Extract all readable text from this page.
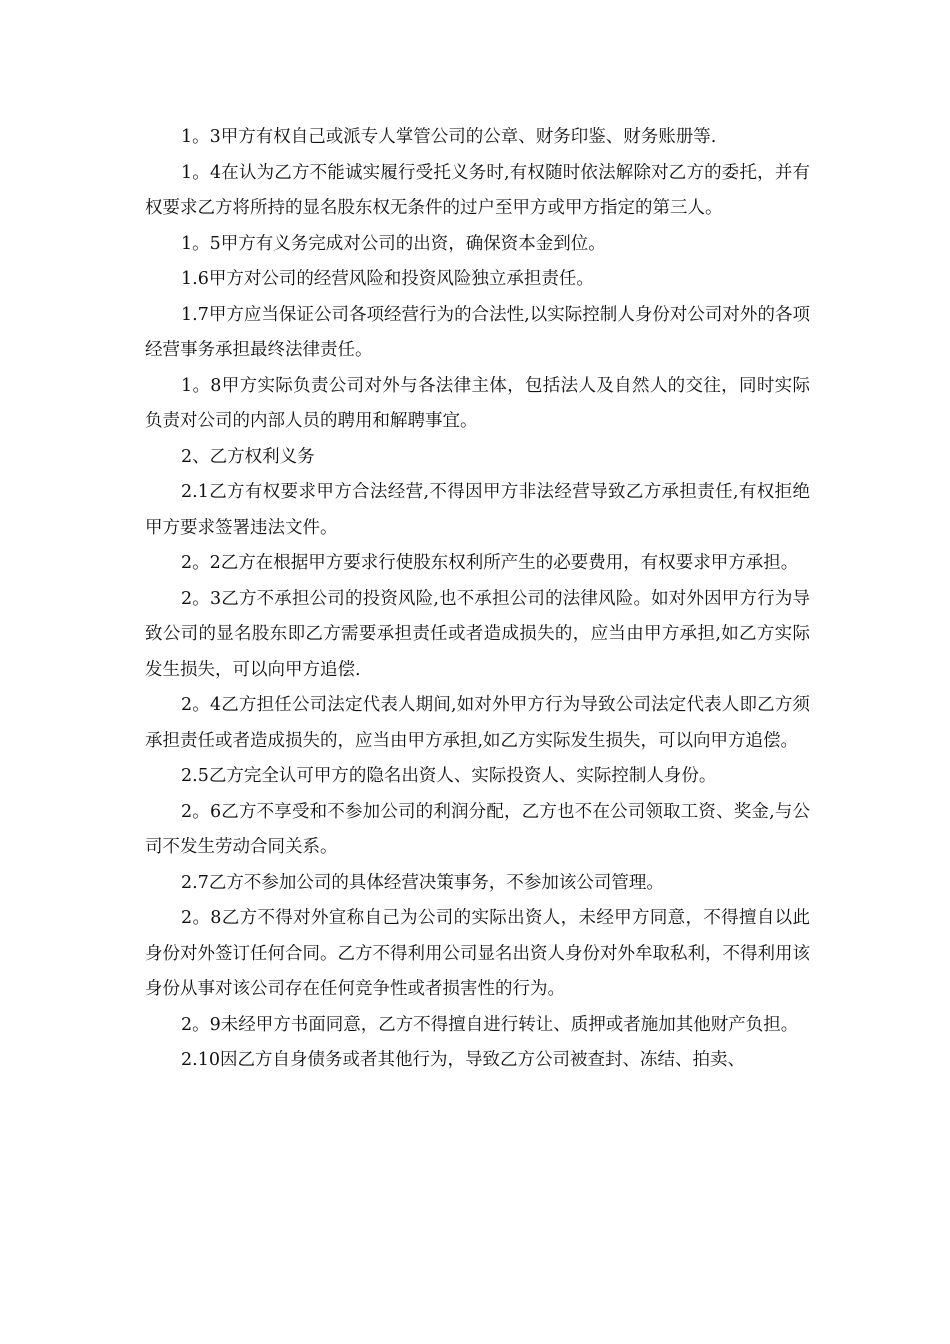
1。3甲方有权自己或派专人掌管公司的公章、财务印鉴、财务账册等.

1。4在认为乙方不能诚实履行受托义务时,有权随时依法解除对乙方的委托，并有权要求乙方将所持的显名股东权无条件的过户至甲方或甲方指定的第三人。

1。5甲方有义务完成对公司的出资，确保资本金到位。

1.6甲方对公司的经营风险和投资风险独立承担责任。

1.7甲方应当保证公司各项经营行为的合法性,以实际控制人身份对公司对外的各项经营事务承担最终法律责任。

1。8甲方实际负责公司对外与各法律主体，包括法人及自然人的交往，同时实际负责对公司的内部人员的聘用和解聘事宜。

2、乙方权利义务

2.1乙方有权要求甲方合法经营,不得因甲方非法经营导致乙方承担责任,有权拒绝甲方要求签署违法文件。

2。2乙方在根据甲方要求行使股东权利所产生的必要费用，有权要求甲方承担。

2。3乙方不承担公司的投资风险,也不承担公司的法律风险。如对外因甲方行为导致公司的显名股东即乙方需要承担责任或者造成损失的，应当由甲方承担,如乙方实际发生损失，可以向甲方追偿.

2。4乙方担任公司法定代表人期间,如对外甲方行为导致公司法定代表人即乙方须承担责任或者造成损失的，应当由甲方承担,如乙方实际发生损失，可以向甲方追偿。

2.5乙方完全认可甲方的隐名出资人、实际投资人、实际控制人身份。

2。6乙方不享受和不参加公司的利润分配，乙方也不在公司领取工资、奖金,与公司不发生劳动合同关系。

2.7乙方不参加公司的具体经营决策事务，不参加该公司管理。

2。8乙方不得对外宣称自己为公司的实际出资人，未经甲方同意，不得擅自以此身份对外签订任何合同。乙方不得利用公司显名出资人身份对外牟取私利，不得利用该身份从事对该公司存在任何竞争性或者损害性的行为。

2。9未经甲方书面同意，乙方不得擅自进行转让、质押或者施加其他财产负担。

2.10因乙方自身债务或者其他行为，导致乙方公司被查封、冻结、拍卖、
